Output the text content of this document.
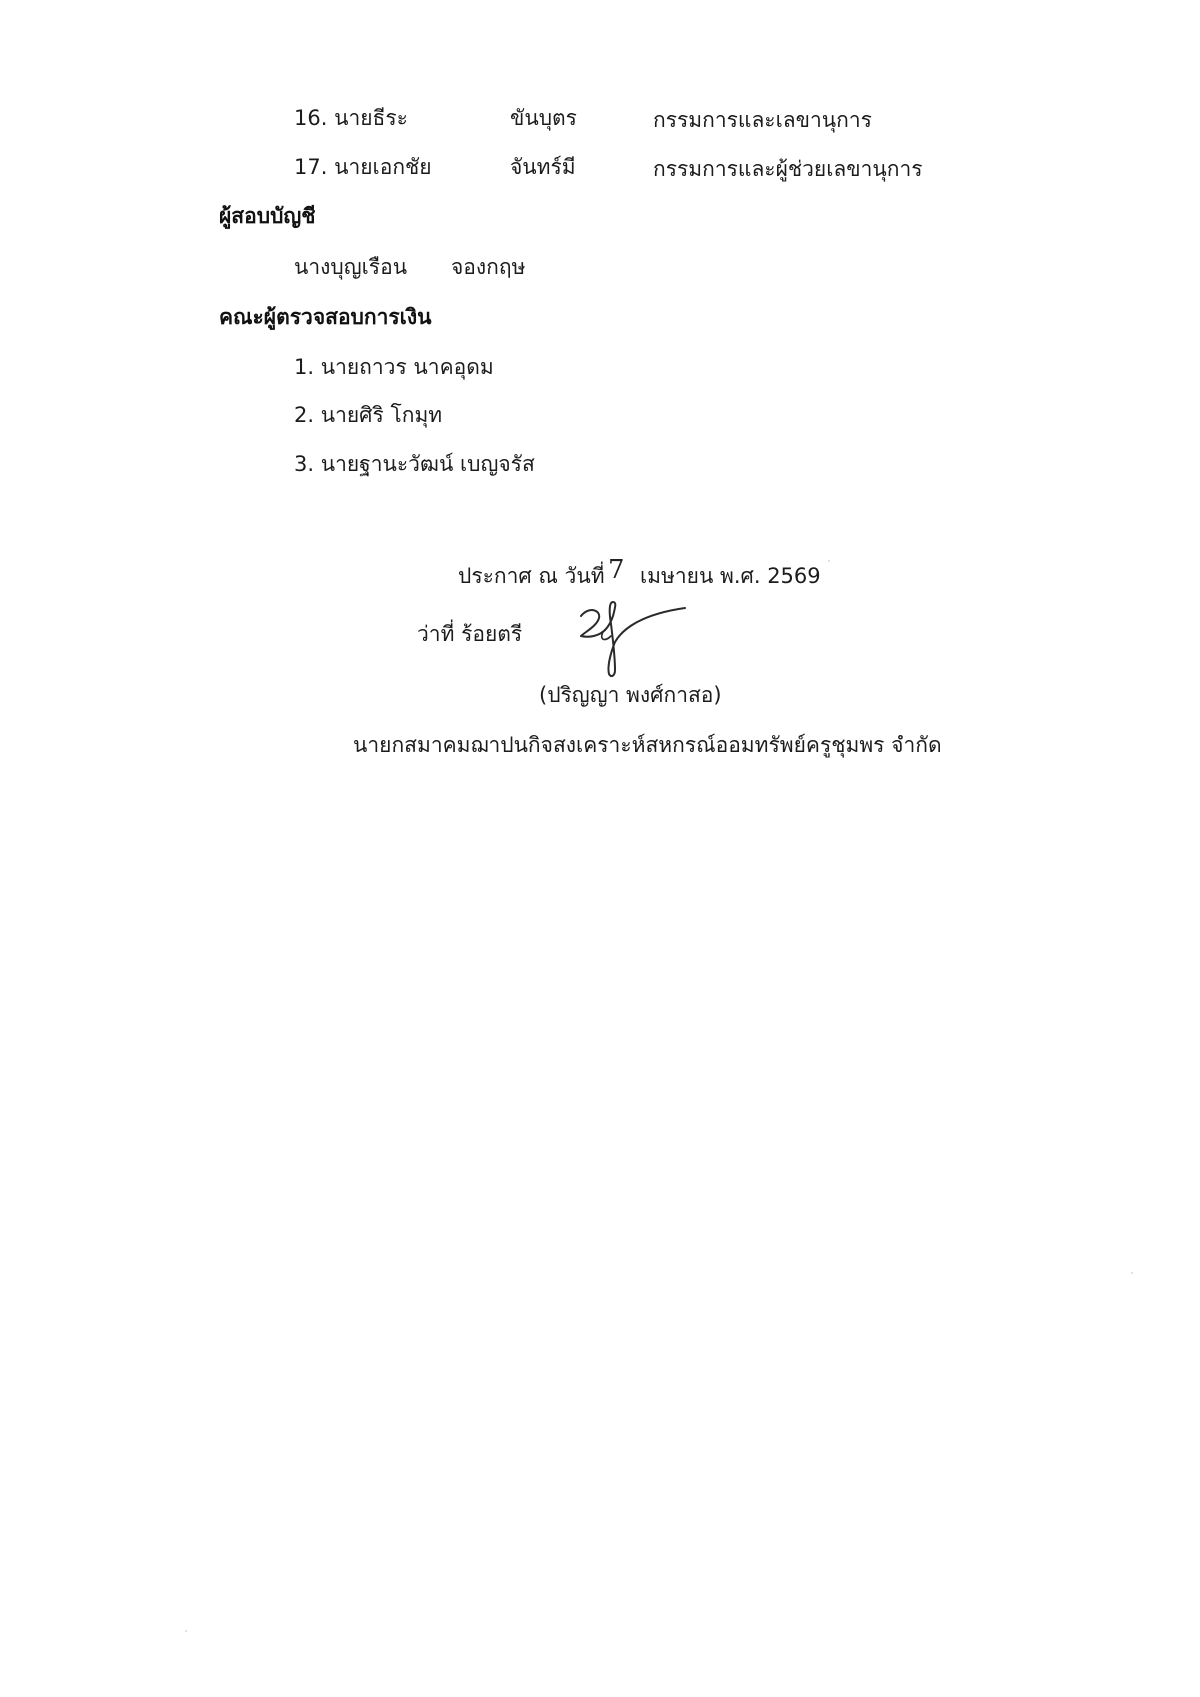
16. นายธีระ	ขันบุตร	กรรมการและเลขานุการ
17. นายเอกชัย	จันทร์มี	กรรมการและผู้ช่วยเลขานุการ
ผู้สอบบัญชี
นางบุญเรือน จองกฤษ
คณะผู้ตรวจสอบการเงิน
1. นายถาวร นาคอุดม
2. นายศิริ โกมุท
3. นายฐานะวัฒน์ เบญจรัส
ประกาศ ณ วันที่ 7 เมษายน พ.ศ. 2569
ว่าที่ ร้อยตรี
(ปริญญา พงศ์กาสอ)
นายกสมาคมฌาปนกิจสงเคราะห์สหกรณ์ออมทรัพย์ครูชุมพร จำกัด
